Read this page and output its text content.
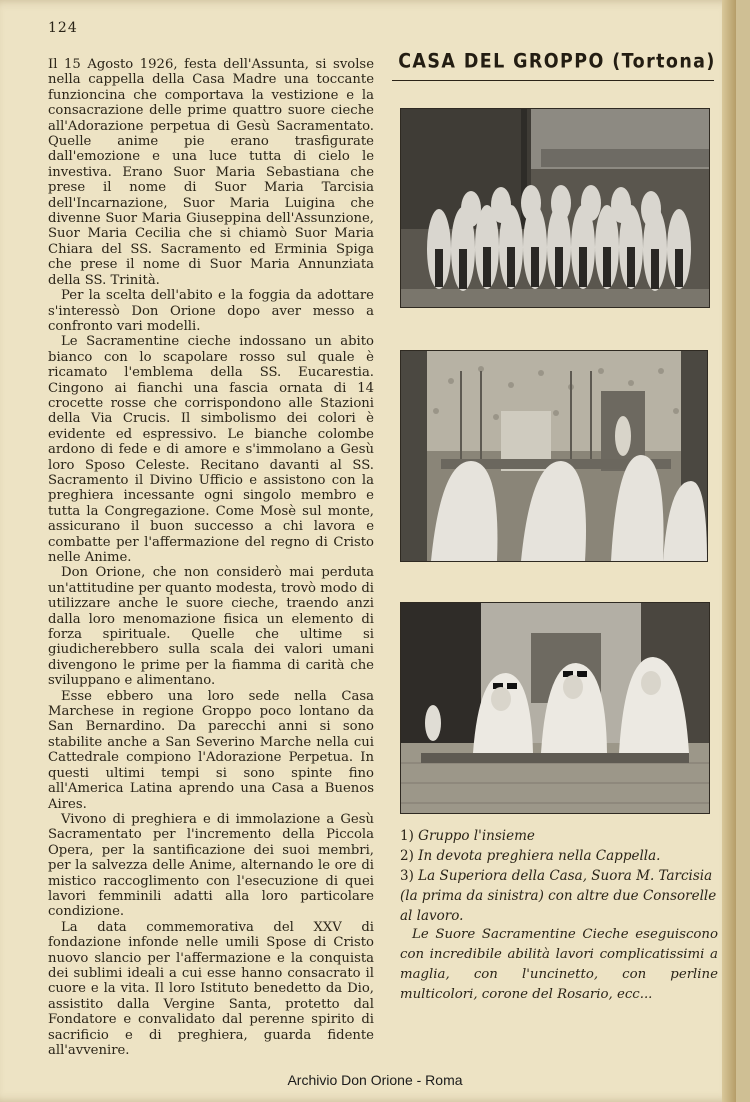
124

Il 15 Agosto 1926, festa dell'Assunta, si svolse nella cappella della Casa Madre una toccante funzioncina che comportava la vestizione e la consacrazione delle prime quattro suore cieche all'Adorazione perpetua di Gesù Sacramentato. Quelle anime pie erano trasfigurate dall'emozione e una luce tutta di cielo le investiva. Erano Suor Maria Sebastiana che prese il nome di Suor Maria Tarcisia dell'Incarnazione, Suor Maria Luigina che divenne Suor Maria Giuseppina dell'Assunzione, Suor Maria Cecilia che si chiamò Suor Maria Chiara del SS. Sacramento ed Erminia Spiga che prese il nome di Suor Maria Annunziata della SS. Trinità.

Per la scelta dell'abito e la foggia da adottare s'interessò Don Orione dopo aver messo a confronto vari modelli.

Le Sacramentine cieche indossano un abito bianco con lo scapolare rosso sul quale è ricamato l'emblema della SS. Eucarestia. Cingono ai fianchi una fascia ornata di 14 crocette rosse che corrispondono alle Stazioni della Via Crucis. Il simbolismo dei colori è evidente ed espressivo. Le bianche colombe ardono di fede e di amore e s'immolano a Gesù loro Sposo Celeste. Recitano davanti al SS. Sacramento il Divino Ufficio e assistono con la preghiera incessante ogni singolo membro e tutta la Congregazione. Come Mosè sul monte, assicurano il buon successo a chi lavora e combatte per l'affermazione del regno di Cristo nelle Anime.

Don Orione, che non considerò mai perduta un'attitudine per quanto modesta, trovò modo di utilizzare anche le suore cieche, traendo anzi dalla loro menomazione fisica un elemento di forza spirituale. Quelle che ultime si giudicherebbero sulla scala dei valori umani divengono le prime per la fiamma di carità che sviluppano e alimentano.

Esse ebbero una loro sede nella Casa Marchese in regione Groppo poco lontano da San Bernardino. Da parecchi anni si sono stabilite anche a San Severino Marche nella cui Cattedrale compiono l'Adorazione Perpetua. In questi ultimi tempi si sono spinte fino all'America Latina aprendo una Casa a Buenos Aires.

Vivono di preghiera e di immolazione a Gesù Sacramentato per l'incremento della Piccola Opera, per la santificazione dei suoi membri, per la salvezza delle Anime, alternando le ore di mistico raccoglimento con l'esecuzione di quei lavori femminili adatti alla loro particolare condizione.

La data commemorativa del XXV di fondazione infonde nelle umili Spose di Cristo nuovo slancio per l'affermazione e la conquista dei sublimi ideali a cui esse hanno consacrato il cuore e la vita. Il loro Istituto benedetto da Dio, assistito dalla Vergine Santa, protetto dal Fondatore e convalidato dal perenne spirito di sacrificio e di preghiera, guarda fidente all'avvenire.

CASA DEL GROPPO (Tortona)

1) Gruppo l'insieme

2) In devota preghiera nella Cappella.

3) La Superiora della Casa, Suora M. Tarcisia (la prima da sinistra) con altre due Consorelle al lavoro.

Le Suore Sacramentine Cieche eseguiscono con incredibile abilità lavori complicatissimi a maglia, con l'uncinetto, con perline multicolori, corone del Rosario, ecc...
Archivio Don Orione - Roma
